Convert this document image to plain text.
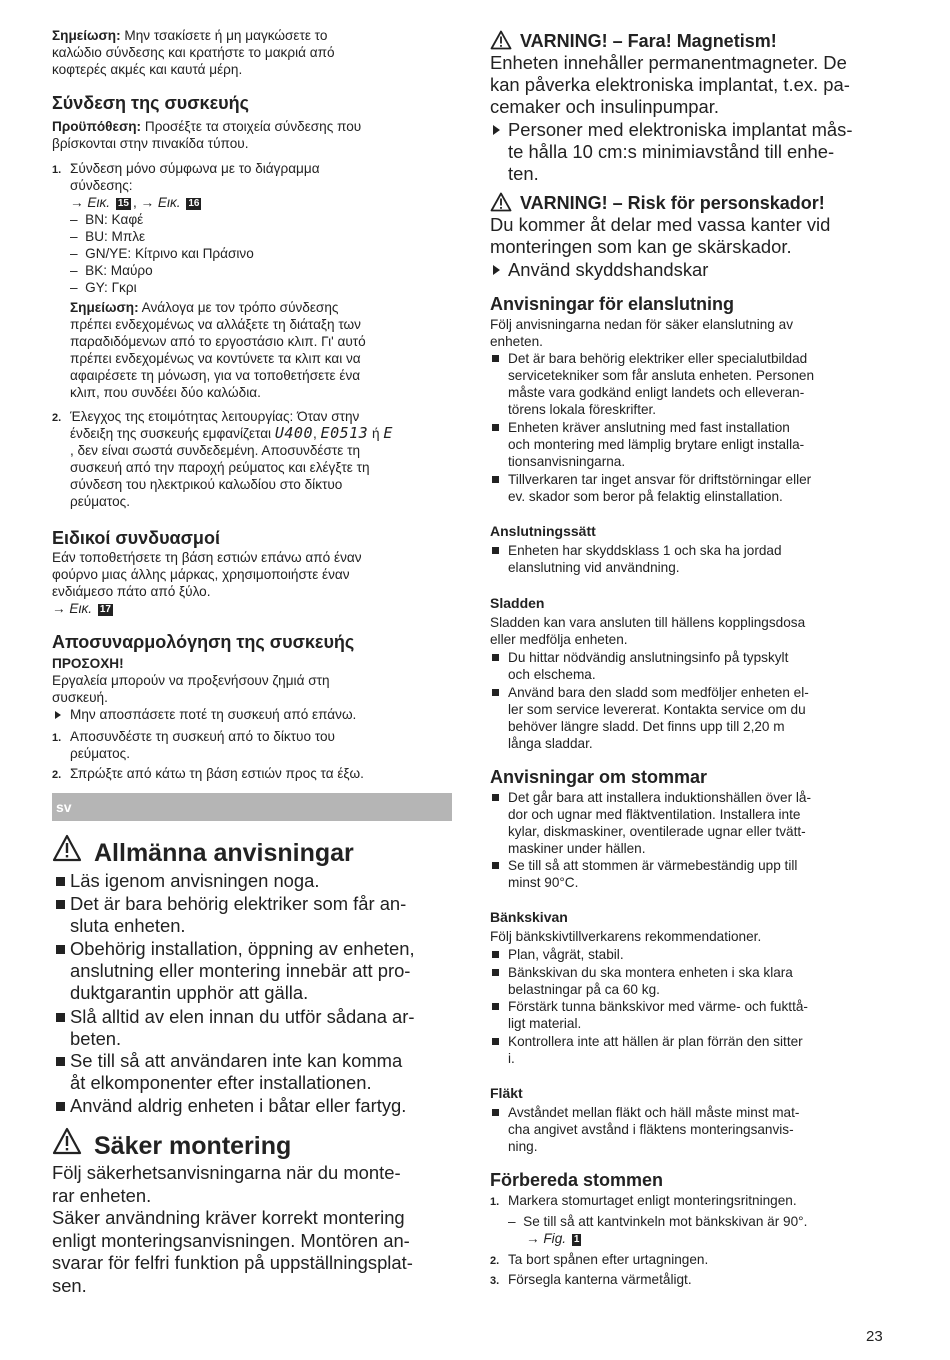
Σημείωση: Μην τσακίσετε ή μη μαγκώσετε το
καλώδιο σύνδεσης και κρατήστε το μακριά από
κοφτερές ακμές και καυτά μέρη.
Σύνδεση της συσκευής
Προϋπόθεση: Προσέξτε τα στοιχεία σύνδεσης που
βρίσκονται στην πινακίδα τύπου.
1. Σύνδεση μόνο σύμφωνα με το διάγραμμα
σύνδεσης:
→ Εικ. 15 , → Εικ. 16
– BN: Καφέ
– BU: Μπλε
– GN/YE: Κίτρινο και Πράσινο
– BK: Μαύρο
– GY: Γκρι
Σημείωση: Ανάλογα με τον τρόπο σύνδεσης
πρέπει ενδεχομένως να αλλάξετε τη διάταξη των
παραδιδόμενων από το εργοστάσιο κλιπ. Γι' αυτό
πρέπει ενδεχομένως να κοντύνετε τα κλιπ και να
αφαιρέσετε τη μόνωση, για να τοποθετήσετε ένα
κλιπ, που συνδέει δύο καλώδια.
2. Έλεγχος της ετοιμότητας λειτουργίας: Όταν στην
ένδειξη της συσκευής εμφανίζεται U400, E0513 ή E
, δεν είναι σωστά συνδεδεμένη. Αποσυνδέστε τη
συσκευή από την παροχή ρεύματος και ελέγξτε τη
σύνδεση του ηλεκτρικού καλωδίου στο δίκτυο
ρεύματος.
Ειδικοί συνδυασμοί
Εάν τοποθετήσετε τη βάση εστιών επάνω από έναν
φούρνο μιας άλλης μάρκας, χρησιμοποιήστε έναν
ενδιάμεσο πάτο από ξύλο.
→ Εικ. 17
Αποσυναρμολόγηση της συσκευής
ΠΡΟΣΟΧΗ!
Εργαλεία μπορούν να προξενήσουν ζημιά στη
συσκευή.
Μην αποσπάσετε ποτέ τη συσκευή από επάνω.
1. Αποσυνδέστε τη συσκευή από το δίκτυο του
ρεύματος.
2. Σπρώξτε από κάτω τη βάση εστιών προς τα έξω.
sv
Allmänna anvisningar
Läs igenom anvisningen noga.
Det är bara behörig elektriker som får an-
sluta enheten.
Obehörig installation, öppning av enheten,
anslutning eller montering innebär att pro-
duktgarantin upphör att gälla.
Slå alltid av elen innan du utför sådana ar-
beten.
Se till så att användaren inte kan komma
åt elkomponenter efter installationen.
Använd aldrig enheten i båtar eller fartyg.
Säker montering
Följ säkerhetsanvisningarna när du monte-
rar enheten.
Säker användning kräver korrekt montering
enligt monteringsanvisningen. Montören an-
svarar för felfri funktion på uppställningsplat-
sen.
VARNING! – Fara! Magnetism!
Enheten innehåller permanentmagneter. De
kan påverka elektroniska implantat, t.ex. pa-
cemaker och insulinpumpar.
Personer med elektroniska implantat mås-
te hålla 10 cm:s minimiavstånd till enhe-
ten.
VARNING! – Risk för personskador!
Du kommer åt delar med vassa kanter vid
monteringen som kan ge skärskador.
Använd skyddshandskar
Anvisningar för elanslutning
Följ anvisningarna nedan för säker elanslutning av
enheten.
Det är bara behörig elektriker eller specialutbildad
servicetekniker som får ansluta enheten. Personen
måste vara godkänd enligt landets och elleveran-
törens lokala föreskrifter.
Enheten kräver anslutning med fast installation
och montering med lämplig brytare enligt installa-
tionsanvisningarna.
Tillverkaren tar inget ansvar för driftstörningar eller
ev. skador som beror på felaktig elinstallation.
Anslutningssätt
Enheten har skyddsklass 1 och ska ha jordad
elanslutning vid användning.
Sladden
Sladden kan vara ansluten till hällens kopplingsdosa
eller medfölja enheten.
Du hittar nödvändig anslutningsinfo på typskylt
och elschema.
Använd bara den sladd som medföljer enheten el-
ler som service levererat. Kontakta service om du
behöver längre sladd. Det finns upp till 2,20 m
långa sladdar.
Anvisningar om stommar
Det går bara att installera induktionshällen över lå-
dor och ugnar med fläktventilation. Installera inte
kylar, diskmaskiner, oventilerade ugnar eller tvätt-
maskiner under hällen.
Se till så att stommen är värmebeständig upp till
minst 90°C.
Bänkskivan
Följ bänkskivtillverkarens rekommendationer.
Plan, vågrät, stabil.
Bänkskivan du ska montera enheten i ska klara
belastningar på ca 60 kg.
Förstärk tunna bänkskivor med värme- och fukttå-
ligt material.
Kontrollera inte att hällen är plan förrän den sitter
i.
Fläkt
Avståndet mellan fläkt och häll måste minst mat-
cha angivet avstånd i fläktens monteringsanvis-
ning.
Förbereda stommen
1. Markera stomurtaget enligt monteringsritningen.
– Se till så att kantvinkeln mot bänkskivan är 90°.
→ Fig. 1
2. Ta bort spånen efter urtagningen.
3. Försegla kanterna värmetåligt.
23
